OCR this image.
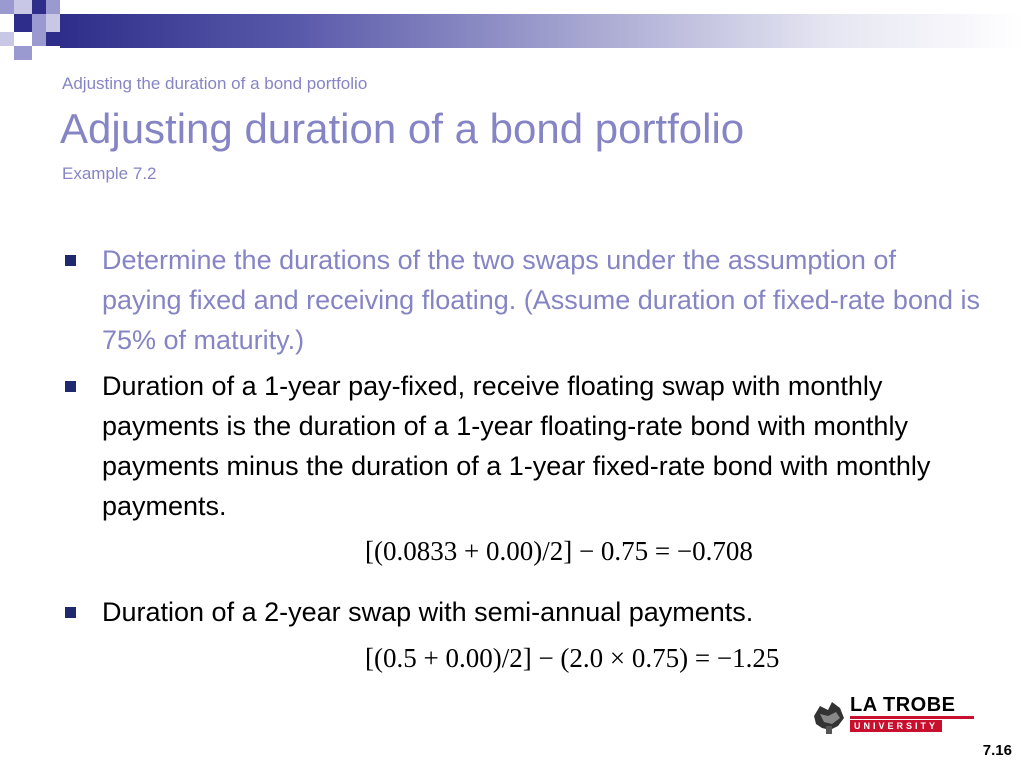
Adjusting the duration of a bond portfolio
Adjusting duration of a bond portfolio
Example 7.2
Determine the durations of the two swaps under the assumption of paying fixed and receiving floating. (Assume duration of fixed-rate bond is 75% of maturity.)
Duration of a 1-year pay-fixed, receive floating swap with monthly payments is the duration of a 1-year floating-rate bond with monthly payments minus the duration of a 1-year fixed-rate bond with monthly payments.
[(0.0833 + 0.00)/2] − 0.75 = −0.708
Duration of a 2-year swap with semi-annual payments.
[(0.5 + 0.00)/2] − (2.0 × 0.75) = −1.25
LA TROBE
UNIVERSITY
7.16
